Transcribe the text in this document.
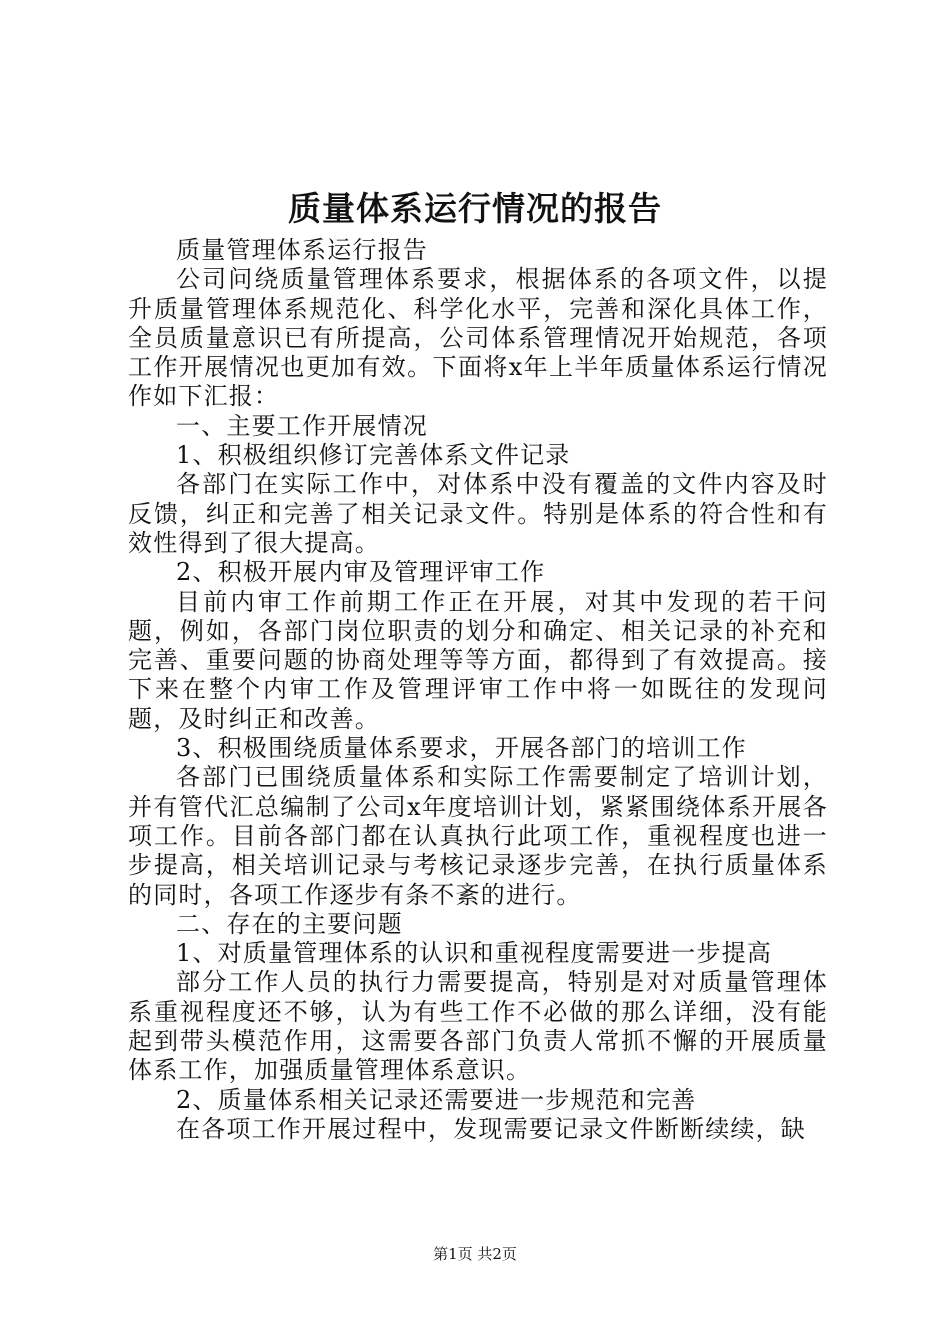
质量体系运行情况的报告

质量管理体系运行报告

公司问绕质量管理体系要求，根据体系的各项文件，以提升质量管理体系规范化、科学化水平，完善和深化具体工作，全员质量意识已有所提高，公司体系管理情况开始规范，各项工作开展情况也更加有效。下面将x年上半年质量体系运行情况作如下汇报：

一、主要工作开展情况

1、积极组织修订完善体系文件记录

各部门在实际工作中，对体系中没有覆盖的文件内容及时反馈，纠正和完善了相关记录文件。特别是体系的符合性和有效性得到了很大提高。

2、积极开展内审及管理评审工作

目前内审工作前期工作正在开展，对其中发现的若干问题，例如，各部门岗位职责的划分和确定、相关记录的补充和完善、重要问题的协商处理等等方面，都得到了有效提高。接下来在整个内审工作及管理评审工作中将一如既往的发现问题，及时纠正和改善。

3、积极围绕质量体系要求，开展各部门的培训工作

各部门已围绕质量体系和实际工作需要制定了培训计划，并有管代汇总编制了公司x年度培训计划，紧紧围绕体系开展各项工作。目前各部门都在认真执行此项工作，重视程度也进一步提高，相关培训记录与考核记录逐步完善，在执行质量体系的同时，各项工作逐步有条不紊的进行。

二、存在的主要问题

1、对质量管理体系的认识和重视程度需要进一步提高

部分工作人员的执行力需要提高，特别是对对质量管理体系重视程度还不够，认为有些工作不必做的那么详细，没有能起到带头模范作用，这需要各部门负责人常抓不懈的开展质量体系工作，加强质量管理体系意识。

2、质量体系相关记录还需要进一步规范和完善

在各项工作开展过程中，发现需要记录文件断断续续，缺

第1页 共2页
